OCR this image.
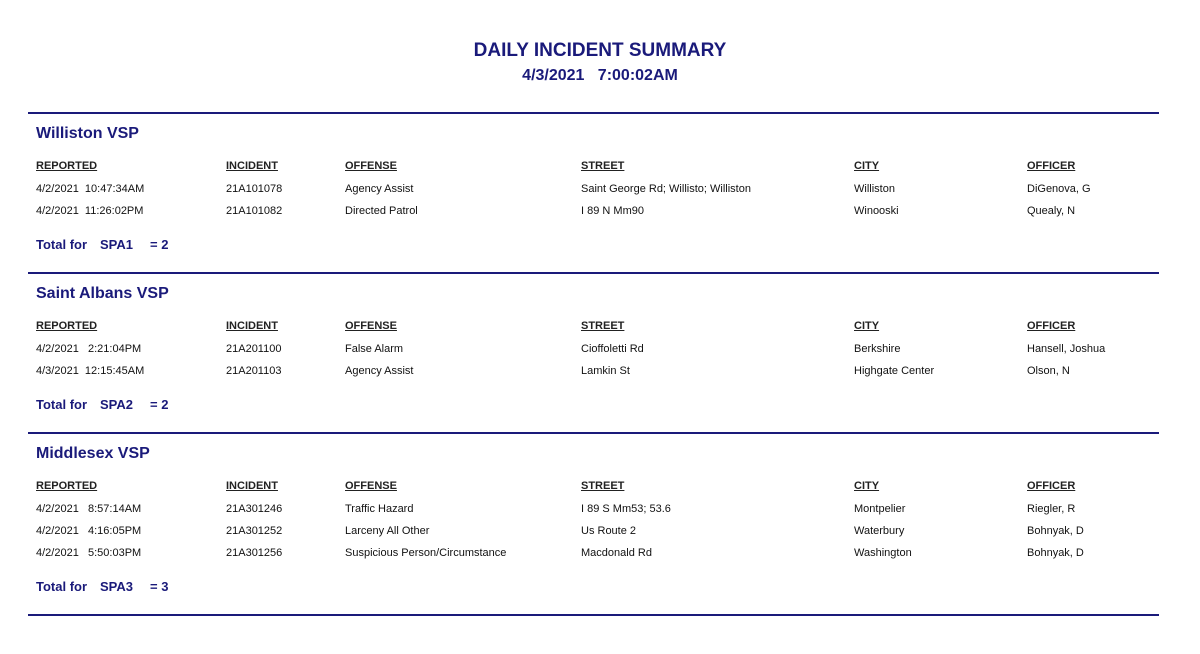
DAILY INCIDENT SUMMARY
4/3/2021 7:00:02AM
Williston VSP
REPORTED	INCIDENT	OFFENSE	STREET	CITY	OFFICER
4/2/2021  10:47:34AM	21A101078	Agency Assist	Saint George Rd; Willisto; Williston	Williston	DiGenova, G
4/2/2021  11:26:02PM	21A101082	Directed Patrol	I 89 N Mm90	Winooski	Quealy, N

Total for

SPA1

= 2

Saint Albans VSP
REPORTED	INCIDENT	OFFENSE	STREET	CITY	OFFICER
4/2/2021   2:21:04PM	21A201100	False Alarm	Cioffoletti Rd	Berkshire	Hansell, Joshua
4/3/2021  12:15:45AM	21A201103	Agency Assist	Lamkin St	Highgate Center	Olson, N

Total for

SPA2

= 2

Middlesex VSP
REPORTED	INCIDENT	OFFENSE	STREET	CITY	OFFICER
4/2/2021   8:57:14AM	21A301246	Traffic Hazard	I 89 S Mm53; 53.6	Montpelier	Riegler, R
4/2/2021   4:16:05PM	21A301252	Larceny All Other	Us Route 2	Waterbury	Bohnyak, D
4/2/2021   5:50:03PM	21A301256	Suspicious Person/Circumstance	Macdonald Rd	Washington	Bohnyak, D

Total for

SPA3

= 3
